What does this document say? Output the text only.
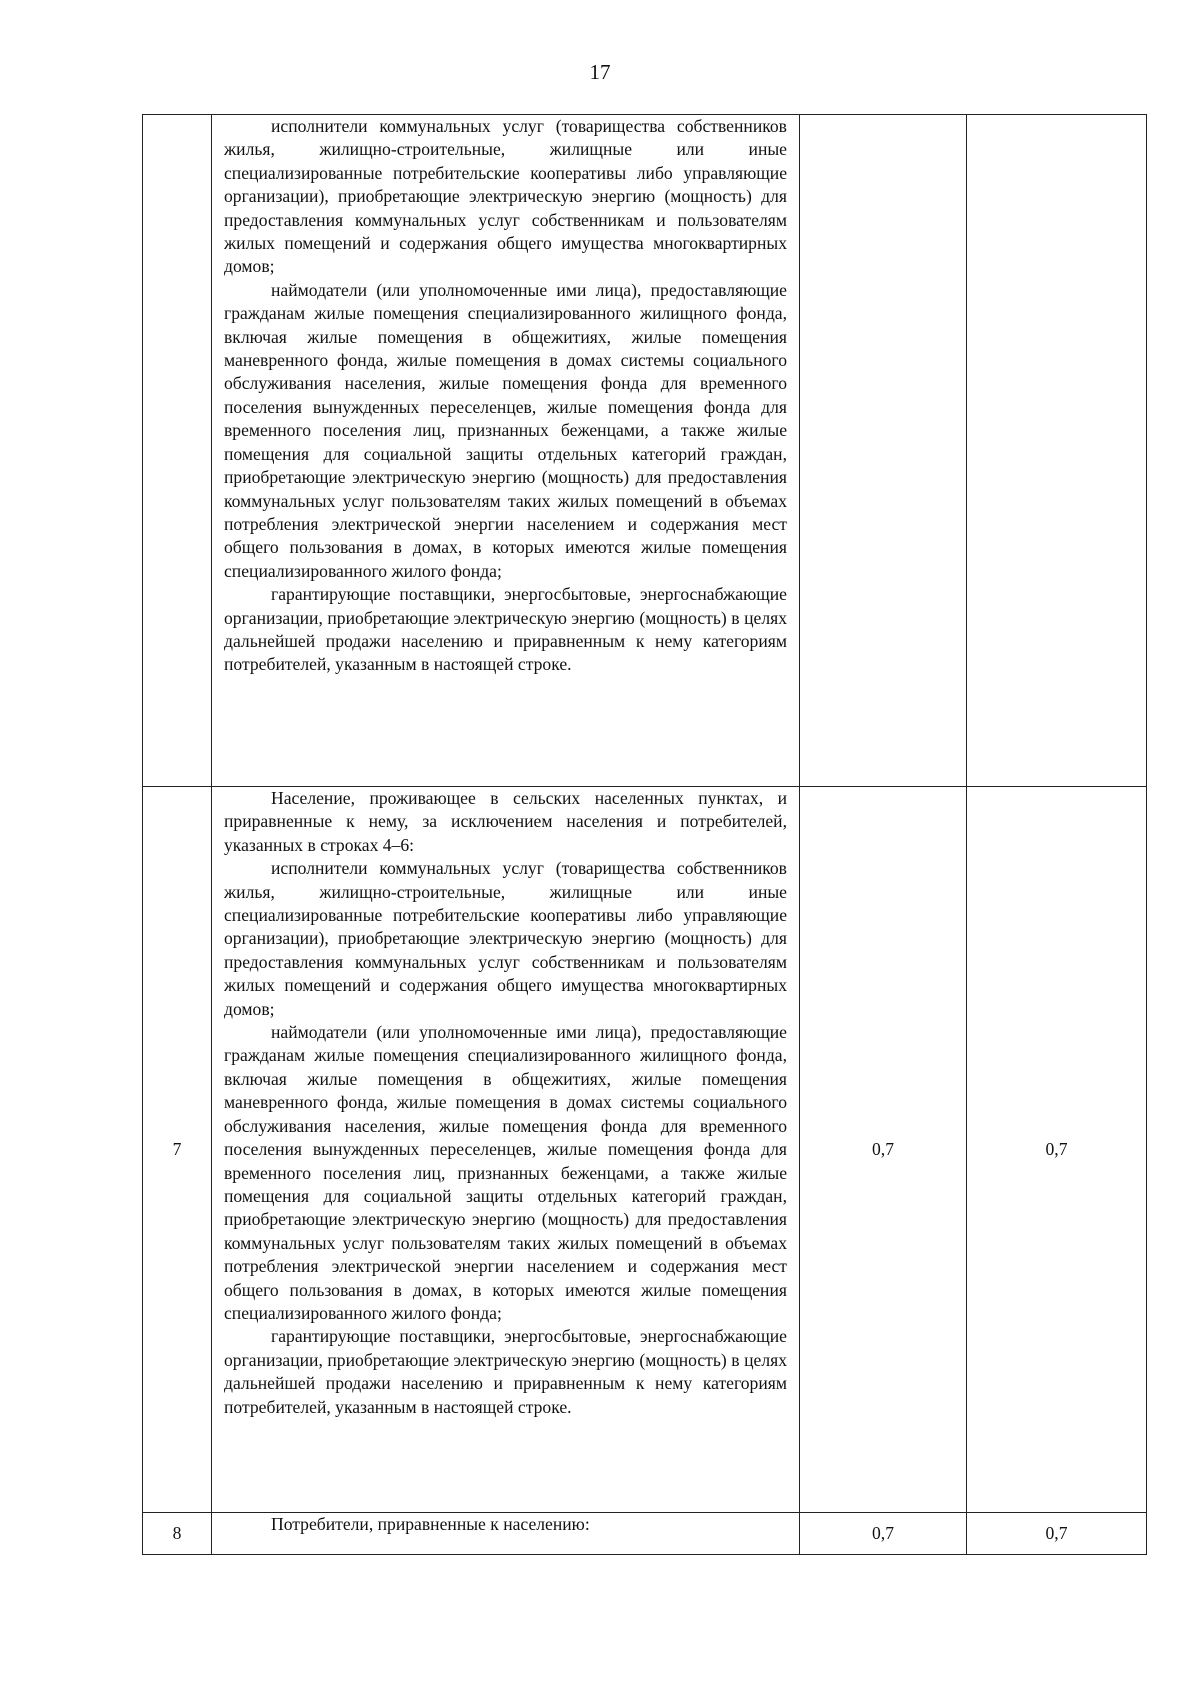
17

	исполнители коммунальных услуг (товарищества собственников жилья, жилищно-строительные, жилищные или иные специализированные потребительские кооперативы либо управляющие организации), приобретающие электрическую энергию (мощность) для предоставления коммунальных услуг собственникам и пользователям жилых помещений и содержания общего имущества многоквартирных домов;

наймодатели (или уполномоченные ими лица), предоставляющие гражданам жилые помещения специализированного жилищного фонда, включая жилые помещения в общежитиях, жилые помещения маневренного фонда, жилые помещения в домах системы социального обслуживания населения, жилые помещения фонда для временного поселения вынужденных переселенцев, жилые помещения фонда для временного поселения лиц, признанных беженцами, а также жилые помещения для социальной защиты отдельных категорий граждан, приобретающие электрическую энергию (мощность) для предоставления коммунальных услуг пользователям таких жилых помещений в объемах потребления электрической энергии населением и содержания мест общего пользования в домах, в которых имеются жилые помещения специализированного жилого фонда;

гарантирующие поставщики, энергосбытовые, энергоснабжающие организации, приобретающие электрическую энергию (мощность) в целях дальнейшей продажи населению и приравненным к нему категориям потребителей, указанным в настоящей строке.		

7	Население, проживающее в сельских населенных пунктах, и приравненные к нему, за исключением населения и потребителей, указанных в строках 4–6:

исполнители коммунальных услуг (товарищества собственников жилья, жилищно-строительные, жилищные или иные специализированные потребительские кооперативы либо управляющие организации), приобретающие электрическую энергию (мощность) для предоставления коммунальных услуг собственникам и пользователям жилых помещений и содержания общего имущества многоквартирных домов;

наймодатели (или уполномоченные ими лица), предоставляющие гражданам жилые помещения специализированного жилищного фонда, включая жилые помещения в общежитиях, жилые помещения маневренного фонда, жилые помещения в домах системы социального обслуживания населения, жилые помещения фонда для временного поселения вынужденных переселенцев, жилые помещения фонда для временного поселения лиц, признанных беженцами, а также жилые помещения для социальной защиты отдельных категорий граждан, приобретающие электрическую энергию (мощность) для предоставления коммунальных услуг пользователям таких жилых помещений в объемах потребления электрической энергии населением и содержания мест общего пользования в домах, в которых имеются жилые помещения специализированного жилого фонда;

гарантирующие поставщики, энергосбытовые, энергоснабжающие организации, приобретающие электрическую энергию (мощность) в целях дальнейшей продажи населению и приравненным к нему категориям потребителей, указанным в настоящей строке.	0,7	0,7
8	Потребители, приравненные к населению:	0,7	0,7
